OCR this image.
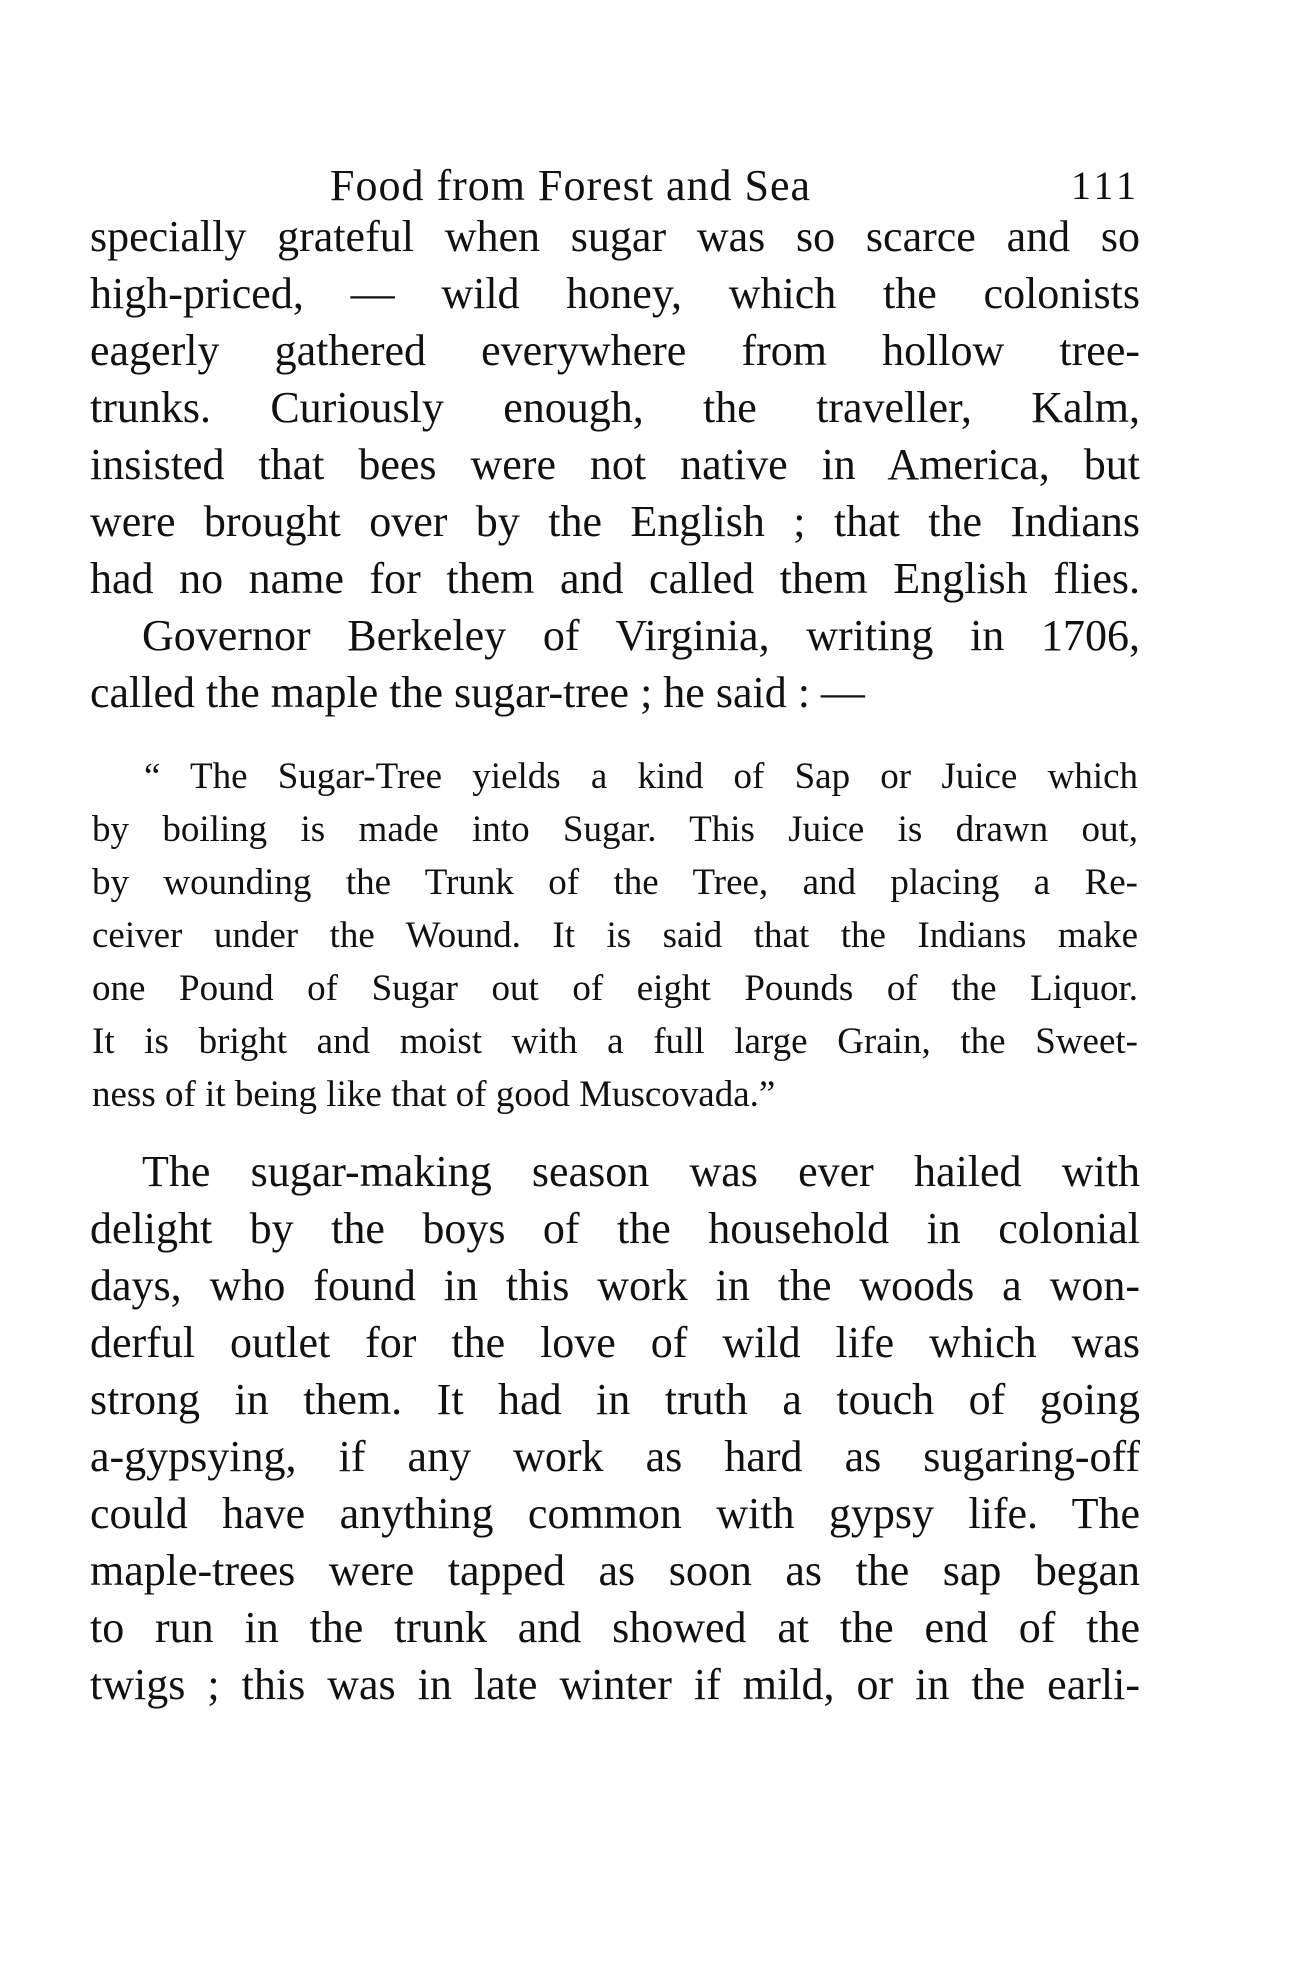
Food from Forest and Sea	111
specially grateful when sugar was so scarce and so
high-priced, — wild honey, which the colonists
eagerly gathered everywhere from hollow tree-
trunks. Curiously enough, the traveller, Kalm,
insisted that bees were not native in America, but
were brought over by the English ; that the Indians
had no name for them and called them English flies.
Governor Berkeley of Virginia, writing in 1706,
called the maple the sugar-tree ; he said : —
“ The Sugar-Tree yields a kind of Sap or Juice which
by boiling is made into Sugar. This Juice is drawn out,
by wounding the Trunk of the Tree, and placing a Re-
ceiver under the Wound. It is said that the Indians make
one Pound of Sugar out of eight Pounds of the Liquor.
It is bright and moist with a full large Grain, the Sweet-
ness of it being like that of good Muscovada.”
The sugar-making season was ever hailed with
delight by the boys of the household in colonial
days, who found in this work in the woods a won-
derful outlet for the love of wild life which was
strong in them. It had in truth a touch of going
a-gypsying, if any work as hard as sugaring-off
could have anything common with gypsy life. The
maple-trees were tapped as soon as the sap began
to run in the trunk and showed at the end of the
twigs ; this was in late winter if mild, or in the earli-
